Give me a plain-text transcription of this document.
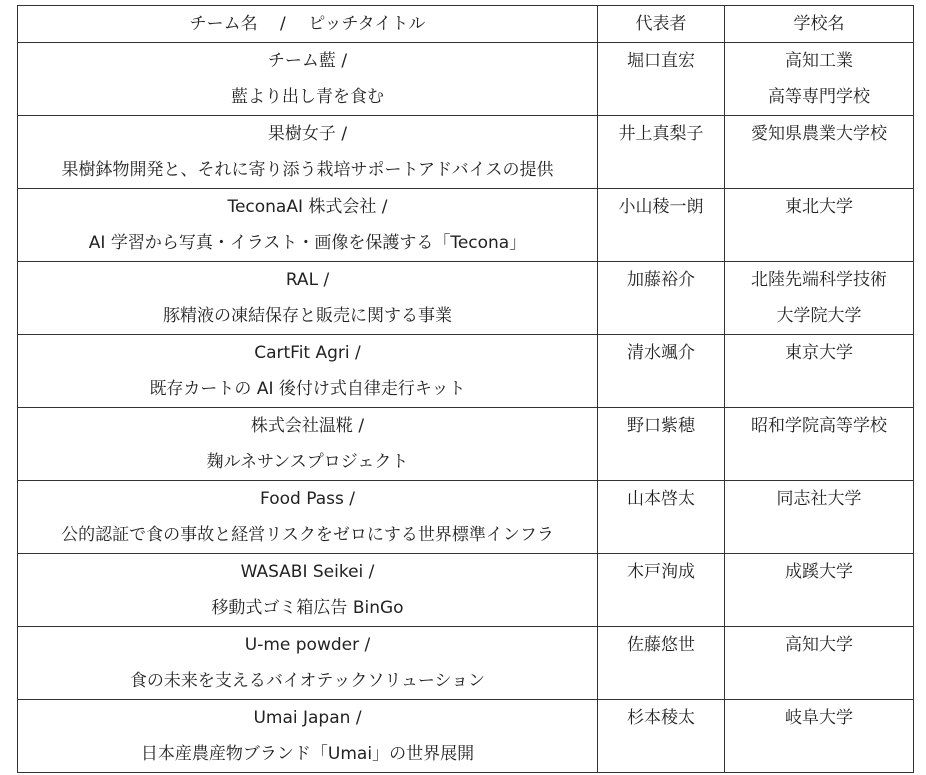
チーム名　 /　 ピッチタイトル	代表者	学校名

チーム藍 /
藍より出し青を食む	堀口直宏	高知工業
高等専門学校

果樹女子 /
果樹鉢物開発と、それに寄り添う栽培サポートアドバイスの提供	井上真梨子	愛知県農業大学校

TeconaAI 株式会社 /
AI 学習から写真・イラスト・画像を保護する「Tecona」	小山稜一朗	東北大学

RAL /
豚精液の凍結保存と販売に関する事業	加藤裕介	北陸先端科学技術
大学院大学

CartFit Agri /
既存カートの AI 後付け式自律走行キット	清水颯介	東京大学

株式会社温糀 /
麹ルネサンスプロジェクト	野口紫穂	昭和学院高等学校

Food Pass /
公的認証で食の事故と経営リスクをゼロにする世界標準インフラ	山本啓太	同志社大学

WASABI Seikei /
移動式ゴミ箱広告 BinGo	木戸洵成	成蹊大学

U-me powder /
食の未来を支えるバイオテックソリューション	佐藤悠世	高知大学

Umai Japan /
日本産農産物ブランド「Umai」の世界展開	杉本稜太	岐阜大学
